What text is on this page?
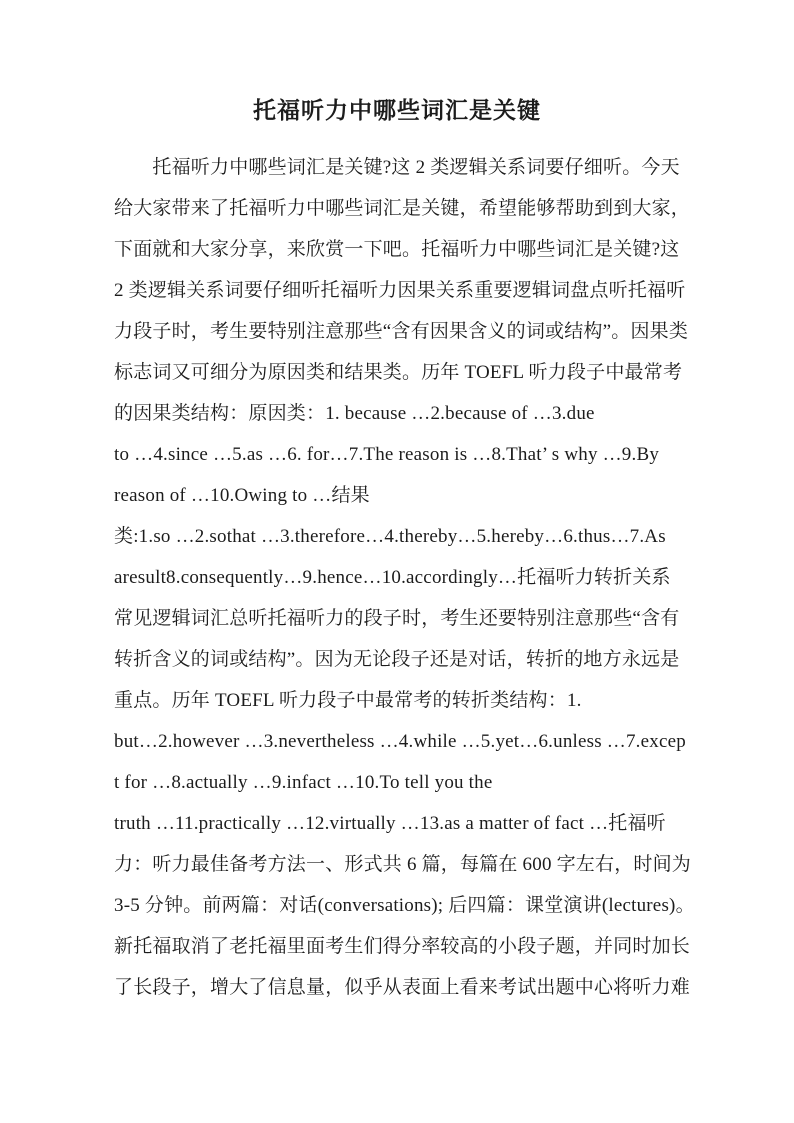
托福听力中哪些词汇是关键
　　托福听力中哪些词汇是关键?这 2 类逻辑关系词要仔细听。今天
给大家带来了托福听力中哪些词汇是关键，希望能够帮助到到大家，
下面就和大家分享，来欣赏一下吧。托福听力中哪些词汇是关键?这
2 类逻辑关系词要仔细听托福听力因果关系重要逻辑词盘点听托福听
力段子时，考生要特别注意那些“含有因果含义的词或结构”。因果类
标志词又可细分为原因类和结果类。历年 TOEFL 听力段子中最常考
的因果类结构：原因类：1. because …2.because of …3.due
to …4.since …5.as …6. for…7.The reason is …8.That’ s why …9.By
reason of …10.Owing to …结果
类:1.so …2.sothat …3.therefore…4.thereby…5.hereby…6.thus…7.As
aresult8.consequently…9.hence…10.accordingly…托福听力转折关系
常见逻辑词汇总听托福听力的段子时，考生还要特别注意那些“含有
转折含义的词或结构”。因为无论段子还是对话，转折的地方永远是
重点。历年 TOEFL 听力段子中最常考的转折类结构：1.
but…2.however …3.nevertheless …4.while …5.yet…6.unless …7.excep
t for …8.actually …9.infact …10.To tell you the
truth …11.practically …12.virtually …13.as a matter of fact …托福听
力：听力最佳备考方法一、形式共 6 篇，每篇在 600 字左右，时间为
3-5 分钟。前两篇：对话(conversations); 后四篇：课堂演讲(lectures)。
新托福取消了老托福里面考生们得分率较高的小段子题，并同时加长
了长段子，增大了信息量，似乎从表面上看来考试出题中心将听力难
